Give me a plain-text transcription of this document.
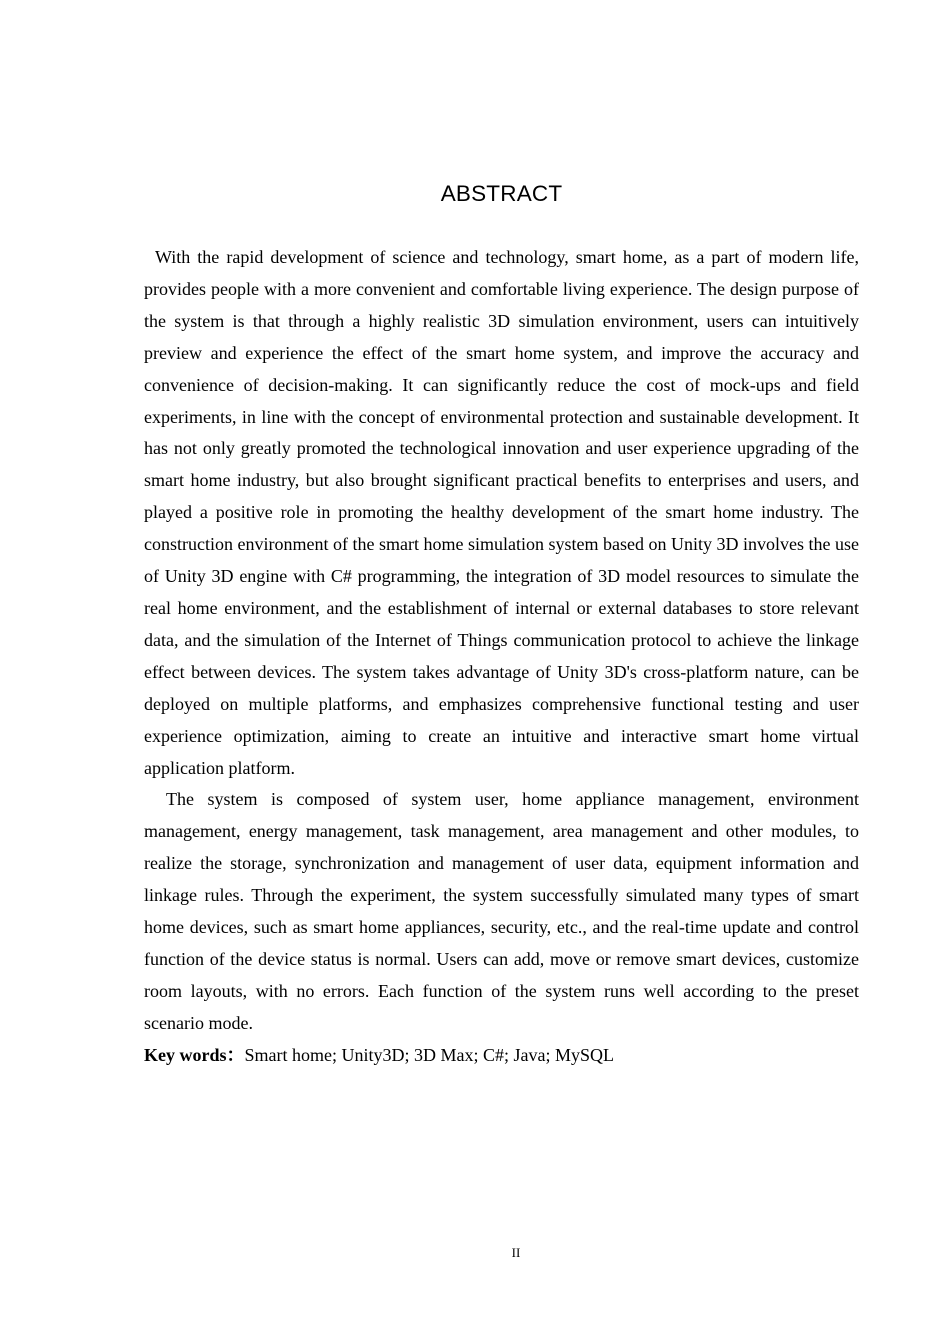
ABSTRACT

With the rapid development of science and technology, smart home, as a part of modern life, provides people with a more convenient and comfortable living experience. The design purpose of the system is that through a highly realistic 3D simulation environment, users can intuitively preview and experience the effect of the smart home system, and improve the accuracy and convenience of decision-making. It can significantly reduce the cost of mock-ups and field experiments, in line with the concept of environmental protection and sustainable development. It has not only greatly promoted the technological innovation and user experience upgrading of the smart home industry, but also brought significant practical benefits to enterprises and users, and played a positive role in promoting the healthy development of the smart home industry. The construction environment of the smart home simulation system based on Unity 3D involves the use of Unity 3D engine with C# programming, the integration of 3D model resources to simulate the real home environment, and the establishment of internal or external databases to store relevant data, and the simulation of the Internet of Things communication protocol to achieve the linkage effect between devices. The system takes advantage of Unity 3D's cross-platform nature, can be deployed on multiple platforms, and emphasizes comprehensive functional testing and user experience optimization, aiming to create an intuitive and interactive smart home virtual application platform.

The system is composed of system user, home appliance management, environment management, energy management, task management, area management and other modules, to realize the storage, synchronization and management of user data, equipment information and linkage rules. Through the experiment, the system successfully simulated many types of smart home devices, such as smart home appliances, security, etc., and the real-time update and control function of the device status is normal. Users can add, move or remove smart devices, customize room layouts, with no errors. Each function of the system runs well according to the preset scenario mode.

Key words：Smart home; Unity3D; 3D Max; C#; Java; MySQL

II
